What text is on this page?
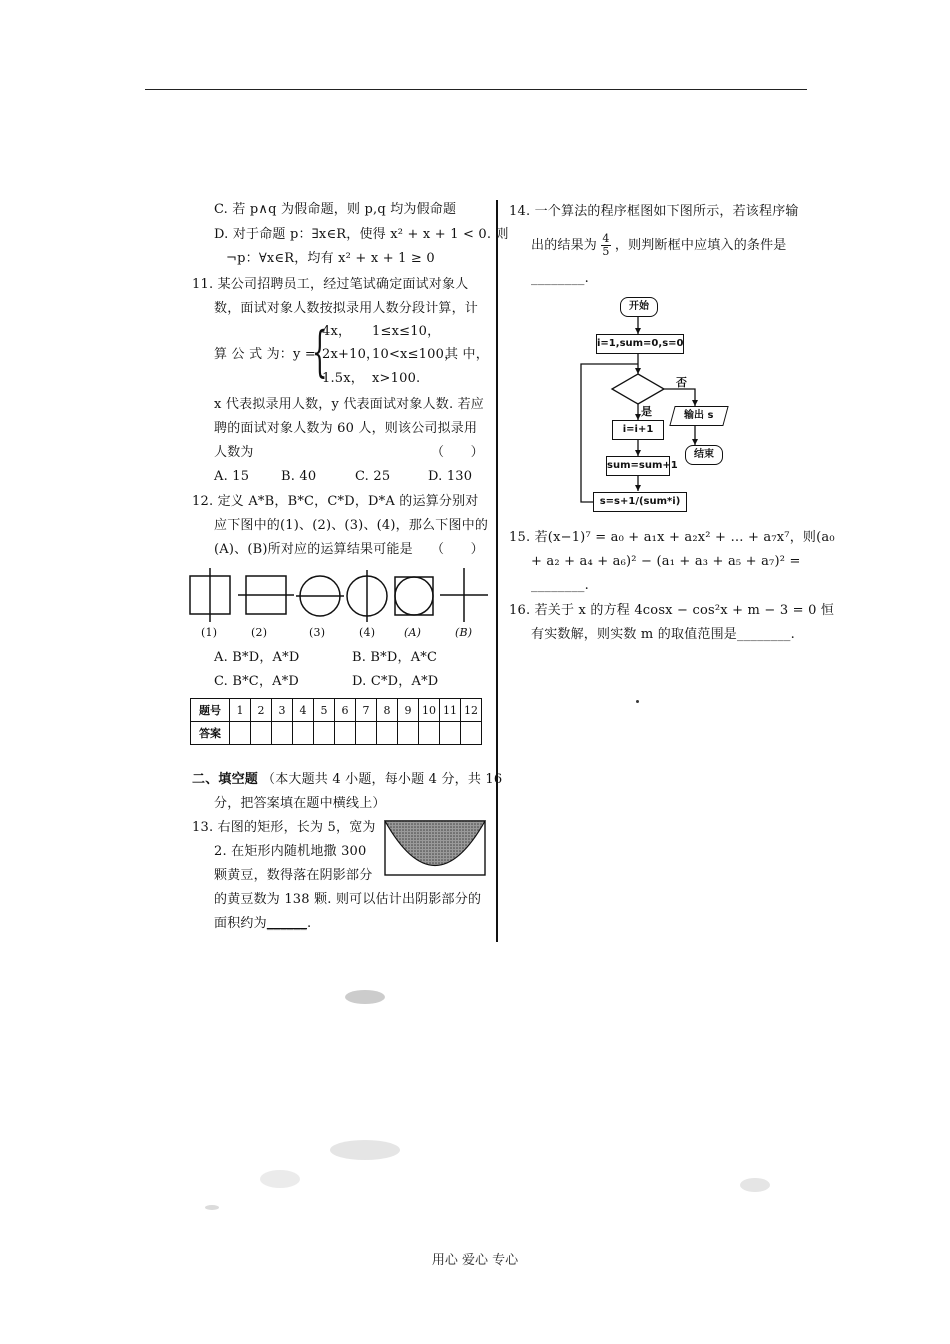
C. 若 p∧q 为假命题，则 p,q 均为假命题
D. 对于命题 p：∃x∈R，使得 x² + x + 1 < 0. 则
¬p：∀x∈R，均有 x² + x + 1 ≥ 0
11. 某公司招聘员工，经过笔试确定面试对象人
数，面试对象人数按拟录用人数分段计算，计
算 公 式 为：y =
{
4x， 1≤x≤10，
2x+10，
10<x≤100，
其 中，
1.5x， x>100.
x 代表拟录用人数，y 代表面试对象人数. 若应
聘的面试对象人数为 60 人，则该公司拟录用
人数为	（　　）
A. 15 B. 40	C. 25	D. 130
12. 定义 A*B，B*C，C*D，D*A 的运算分别对
应下图中的(1)、(2)、(3)、(4)，那么下图中的
(A)、(B)所对应的运算结果可能是 （　　）
(1)	(2)	(3)	(4)	(A)	(B)
A. B*D，A*D	B. B*D，A*C
C. B*C，A*D	D. C*D，A*D
题号	1	2	3	4	5	6	7	8	9	10	11	12
答案												
二、填空题 （本大题共 4 小题，每小题 4 分，共 16
分，把答案填在题中横线上）
13. 右图的矩形，长为 5，宽为
2. 在矩形内随机地撒 300
颗黄豆，数得落在阴影部分
的黄豆数为 138 颗. 则可以估计出阴影部分的
面积约为______.
14. 一个算法的程序框图如下图所示，若该程序输
出的结果为 $\frac{4}{5}$ ，则判断框中应填入的条件是
________.
开始
i=1,sum=0,s=0
否
是
i=i+1
输出 s
sum=sum+1
结束
s=s+1/(sum*i)
15. 若(x−1)⁷ = a₀ + a₁x + a₂x² + … + a₇x⁷，则(a₀
+ a₂ + a₄ + a₆)² − (a₁ + a₃ + a₅ + a₇)² =
________.
16. 若关于 x 的方程 4cosx − cos²x + m − 3 = 0 恒
有实数解，则实数 m 的取值范围是________.
用心 爱心 专心
